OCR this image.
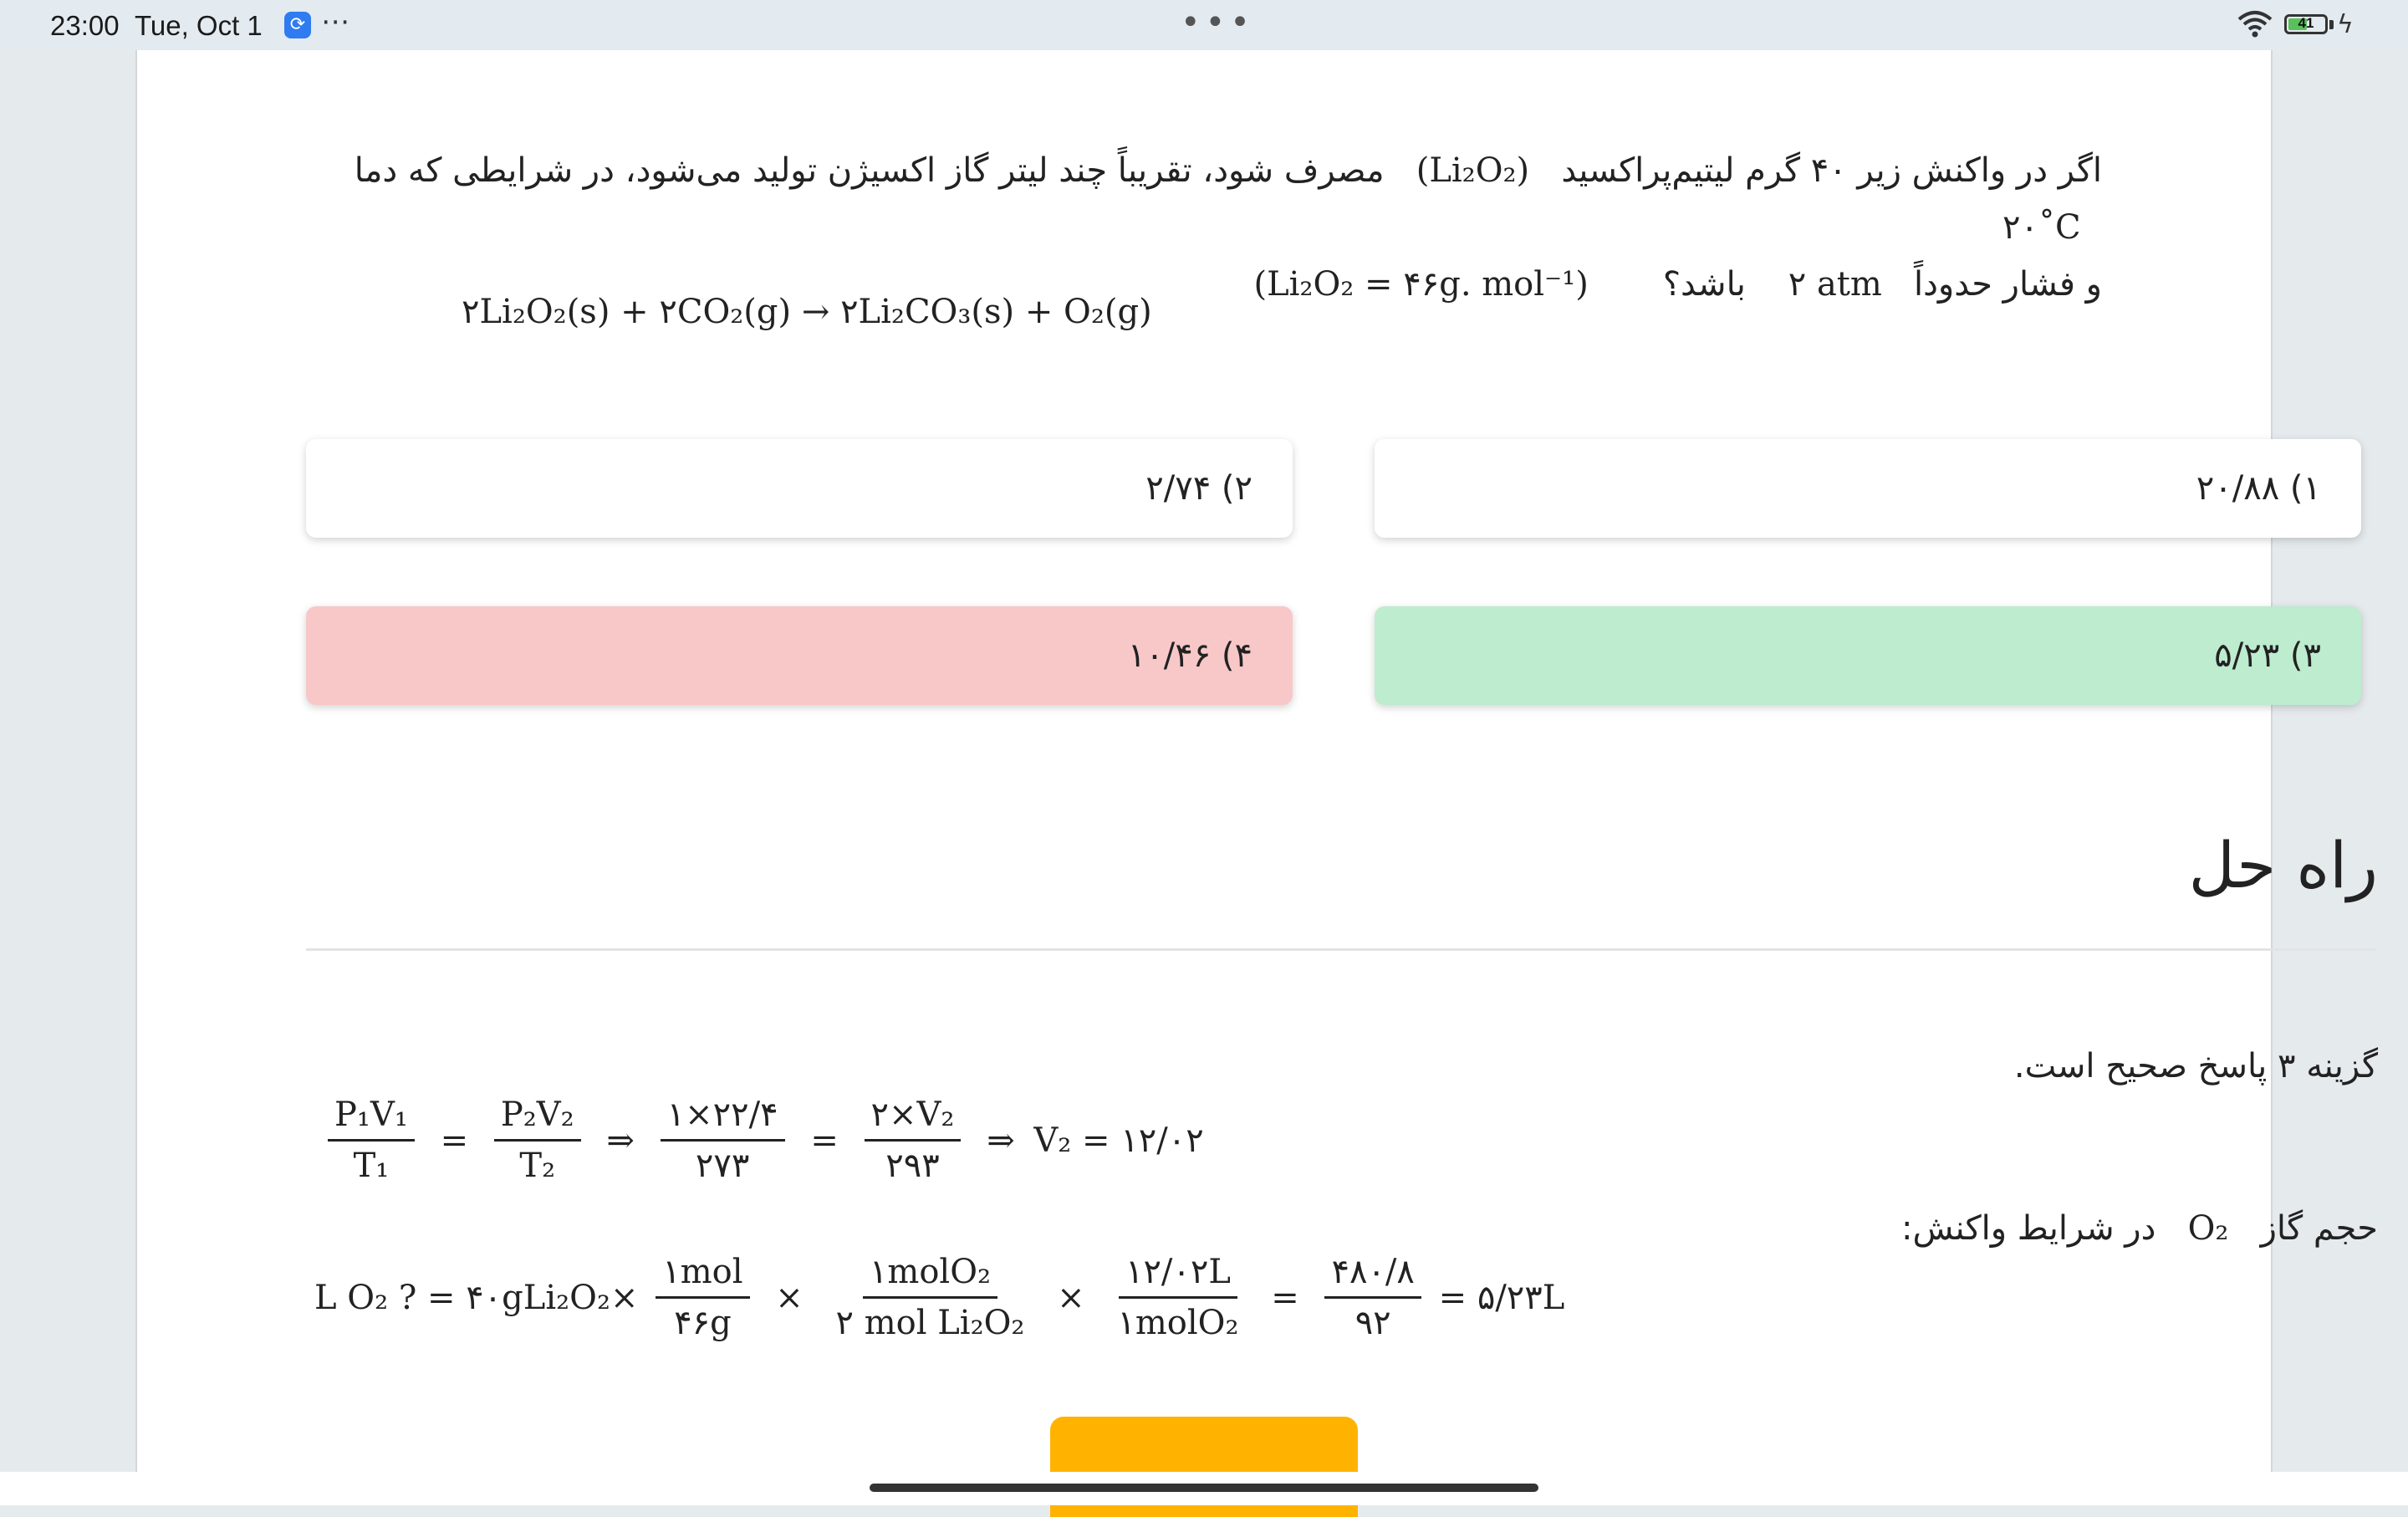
23:00 Tue, Oct 1	⟳ ⋯	•••	41 ϟ
اگر در واکنش زیر ۴۰ گرم لیتیم‌پراکسید   (Li₂O₂)   مصرف شود، تقریباً چند لیتر گاز اکسیژن تولید می‌شود، در شرایطی که دما   ۲۰˚C
و فشار حدوداً   ۲ atm    باشد؟       (Li₂O₂ = ۴۶g. mol⁻¹)
۲Li₂O₂(s) + ۲CO₂(g) → ۲Li₂CO₃(s) + O₂(g)
۱) ۲۰/۸۸
۲) ۲/۷۴
۳) ۵/۲۳
۴) ۱۰/۴۶
راه حل
گزینه ۳ پاسخ صحیح است.
$\frac{\text{P₁V₁}}{\text{T₁}} = \frac{\text{P₂V₂}}{\text{T₂}}$ ⇒ $\frac{۱\times ۲۲/۴}{۲۷۳} = \frac{\text{۲×V₂}}{۲۹۳}$ ⇒ V₂ = ۱۲/۰۲
حجم گاز   O₂   در شرایط واکنش:
L O₂ ? = ۴۰gLi₂O₂× $\frac{\text{۱mol}}{۴۶g} \times \frac{\text{۱molO₂}}{\text{۲ mol Li₂O₂}} \times \frac{۱۲/۰۲L}{\text{۱molO₂}} = \frac{۴۸۰/۸}{۹۲}$ = ۵/۲۳L
